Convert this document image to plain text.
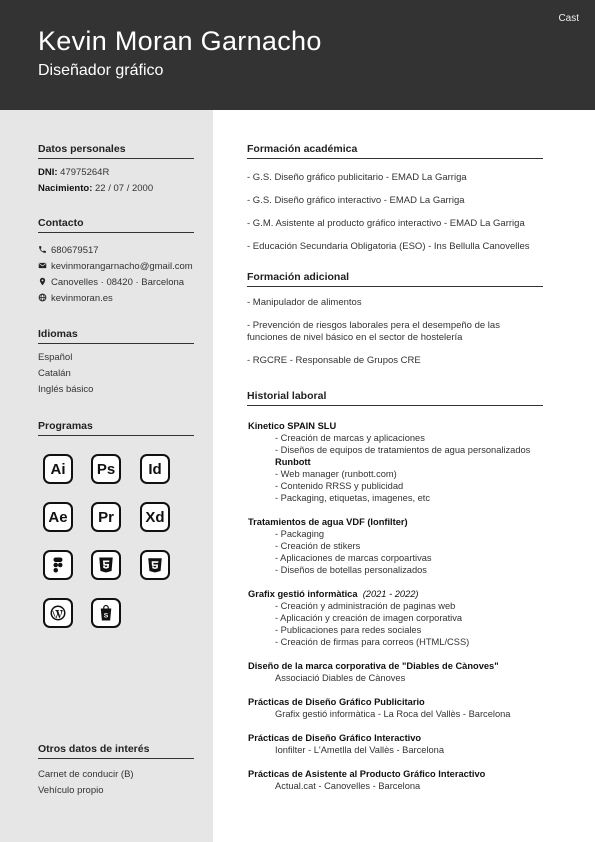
Cast
Kevin Moran Garnacho
Diseñador gráfico
Datos personales
DNI: 47975264R
Nacimiento: 22 / 07 / 2000
Contacto
680679517
kevinmorangarnacho@gmail.com
Canovelles · 08420 · Barcelona
kevinmoran.es
Idiomas
Español
Catalán
Inglés básico
Programas
Ai	Ps	Id
Ae	Pr	Xd
S
Otros datos de interés
Carnet de conducir (B)
Vehículo propio
Formación académica
- G.S. Diseño gráfico publicitario - EMAD La Garriga
- G.S. Diseño gráfico interactivo - EMAD La Garriga
- G.M. Asistente al producto gráfico interactivo - EMAD La Garriga
- Educación Secundaria Obligatoria (ESO) - Ins Bellulla Canovelles
Formación adicional
- Manipulador de alimentos
- Prevención de riesgos laborales pera el desempeño de las
funciones de nivel básico en el sector de hostelería
- RGCRE - Responsable de Grupos CRE
Historial laboral
Kinetico SPAIN SLU
- Creación de marcas y aplicaciones
- Diseños de equipos de tratamientos de agua personalizados
Runbott
- Web manager (runbott.com)
- Contenido RRSS y publicidad
- Packaging, etiquetas, imagenes, etc
Tratamientos de agua VDF (Ionfilter)
- Packaging
- Creación de stikers
- Aplicaciones de marcas corpoartivas
- Diseños de botellas personalizados
Grafix gestió informàtica (2021 - 2022)
- Creación y administración de paginas web
- Aplicación y creación de imagen corporativa
- Publicaciones para redes sociales
- Creación de firmas para correos (HTML/CSS)
Diseño de la marca corporativa de "Diables de Cànoves"
Associació Diables de Cànoves
Prácticas de Diseño Gráfico Publicitario
Grafix gestió informàtica - La Roca del Vallès - Barcelona
Prácticas de Diseño Gráfico Interactivo
Ionfilter - L'Ametlla del Vallès - Barcelona
Prácticas de Asistente al Producto Gráfico Interactivo
Actual.cat - Canovelles - Barcelona
